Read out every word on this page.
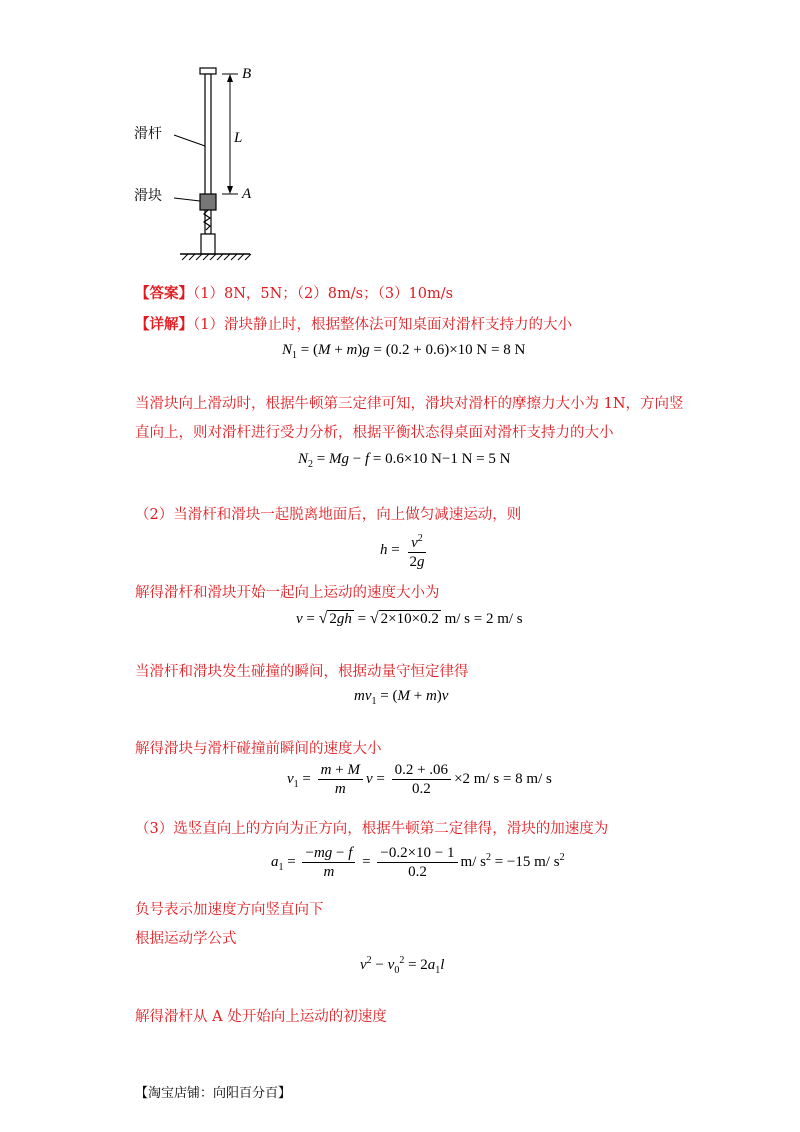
B
A
L
滑杆
滑块
【答案】（1）8N，5N；（2）8m/s；（3）10m/s
【详解】（1）滑块静止时，根据整体法可知桌面对滑杆支持力的大小
$N_1 = (M + m)g = (0.2 + 0.6)\times 10$ N = 8 N
当滑块向上滑动时，根据牛顿第三定律可知，滑块对滑杆的摩擦力大小为 1N，方向竖
直向上，则对滑杆进行受力分析，根据平衡状态得桌面对滑杆支持力的大小
$N_2 = Mg - f = 0.6\times 10$ N−1 N = 5 N
（2）当滑杆和滑块一起脱离地面后，向上做匀减速运动，则
$h = \frac{v^2}{2g}$
解得滑杆和滑块开始一起向上运动的速度大小为
v = √ 2gh = √ 2×10×0.2 m/ s = 2 m/ s
当滑杆和滑块发生碰撞的瞬间，根据动量守恒定律得
$mv_1 = (M + m)v$
解得滑块与滑杆碰撞前瞬间的速度大小
$v_1 = \frac{m + M}{m}$ $v = \frac{0.2 + .06}{0.2} \times 2$ m/ s = 8 m/ s
（3）选竖直向上的方向为正方向，根据牛顿第二定律得，滑块的加速度为
$a_1 = \frac{-mg - f}{m} = \frac{-0.2\times 10 - 1}{0.2} m/$ $s^2 = -15$ m/ $s^2$
负号表示加速度方向竖直向下
根据运动学公式
$v^2 - v_0^2 = 2a_1l$
解得滑杆从 A 处开始向上运动的初速度
【淘宝店铺：向阳百分百】
